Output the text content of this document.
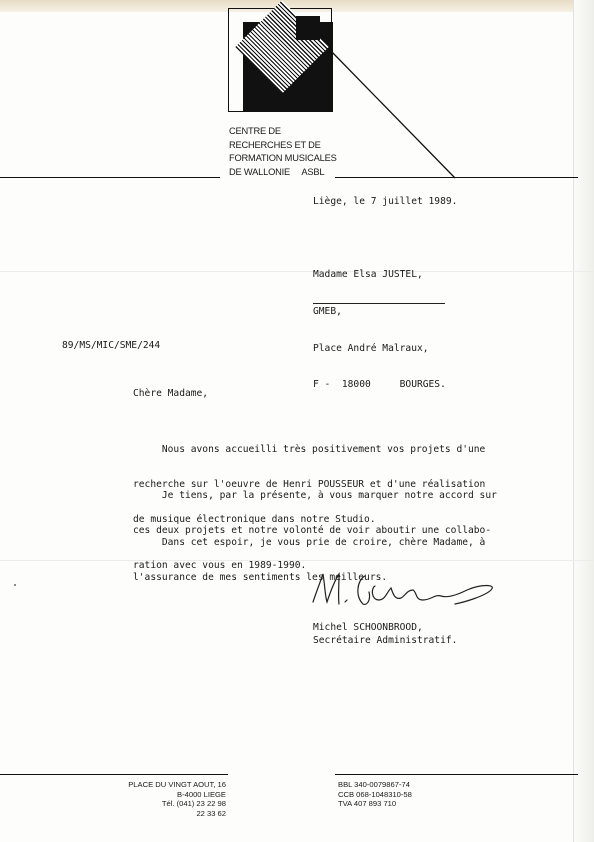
CENTRE DE
RECHERCHES ET DE
FORMATION MUSICALES
DE WALLONIE     ASBL
Liège, le 7 juillet 1989.

Madame Elsa JUSTEL,

GMEB,

Place André Malraux,

F -  18000     BOURGES.

89/MS/MIC/SME/244
Chère Madame,

Nous avons accueilli très positivement vos projets d'une

recherche sur l'oeuvre de Henri POUSSEUR et d'une réalisation

de musique électronique dans notre Studio.

Je tiens, par la présente, à vous marquer notre accord sur

ces deux projets et notre volonté de voir aboutir une collabo-

ration avec vous en 1989-1990.

Dans cet espoir, je vous prie de croire, chère Madame, à

l'assurance de mes sentiments les meilleurs.

Michel SCHOONBROOD,
Secrétaire Administratif.
PLACE DU VINGT AOUT, 16
B-4000 LIEGE
Tél. (041) 23 22 98
22 33 62
BBL 340-0079867-74
CCB 068-1048310-58
TVA 407 893 710
